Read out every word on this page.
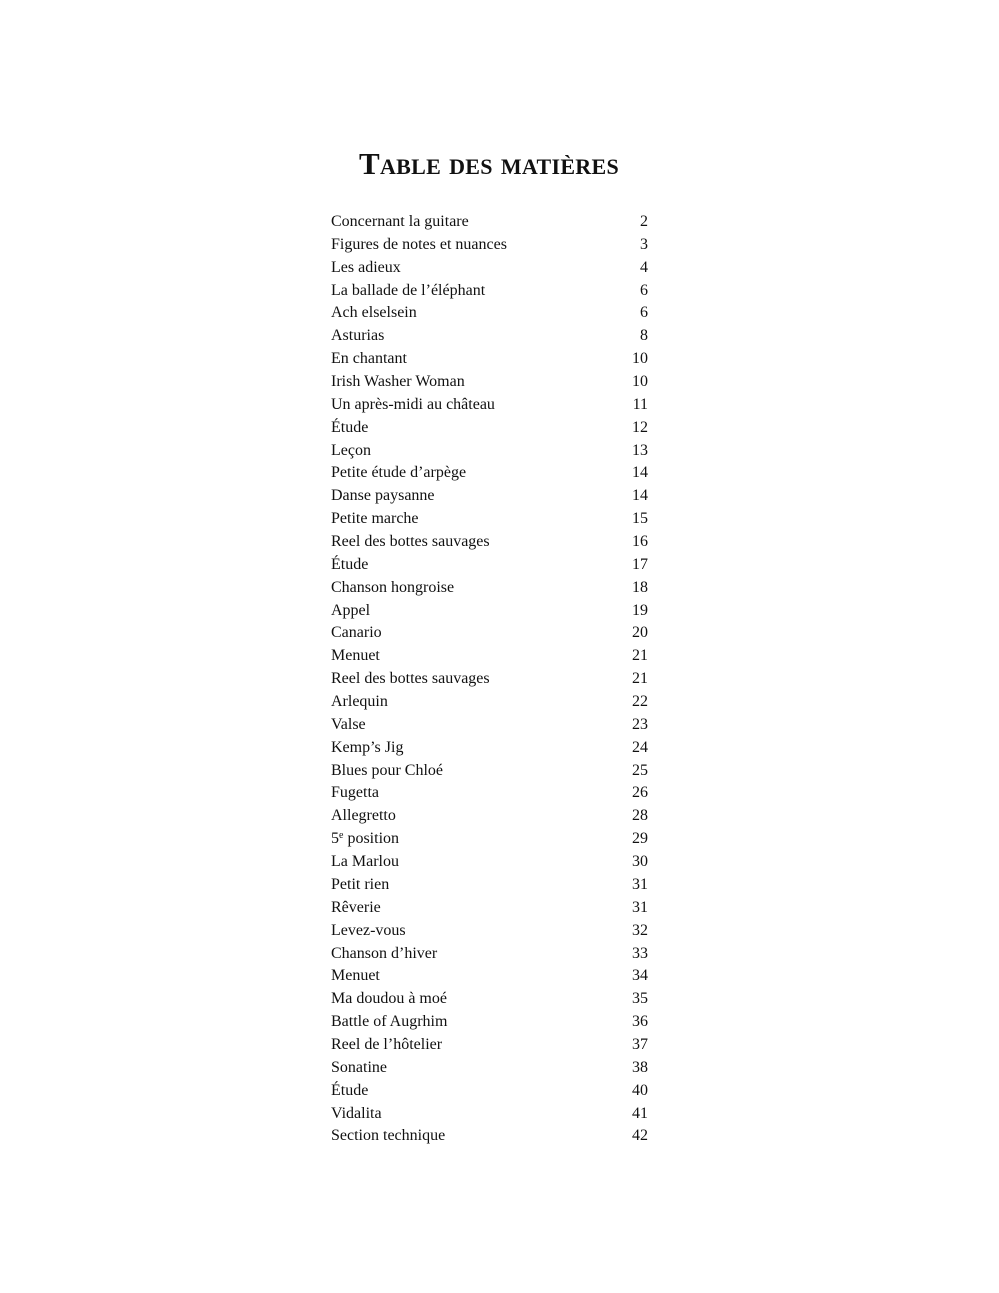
Table des matières
Concernant la guitare	2
Figures de notes et nuances	3
Les adieux	4
La ballade de l’éléphant	6
Ach elselsein	6
Asturias	8
En chantant	10
Irish Washer Woman	10
Un après-midi au château	11
Étude	12
Leçon	13
Petite étude d’arpège	14
Danse paysanne	14
Petite marche	15
Reel des bottes sauvages	16
Étude	17
Chanson hongroise	18
Appel	19
Canario	20
Menuet	21
Reel des bottes sauvages	21
Arlequin	22
Valse	23
Kemp’s Jig	24
Blues pour Chloé	25
Fugetta	26
Allegretto	28
5e position	29
La Marlou	30
Petit rien	31
Rêverie	31
Levez-vous	32
Chanson d’hiver	33
Menuet	34
Ma doudou à moé	35
Battle of Augrhim	36
Reel de l’hôtelier	37
Sonatine	38
Étude	40
Vidalita	41
Section technique	42
